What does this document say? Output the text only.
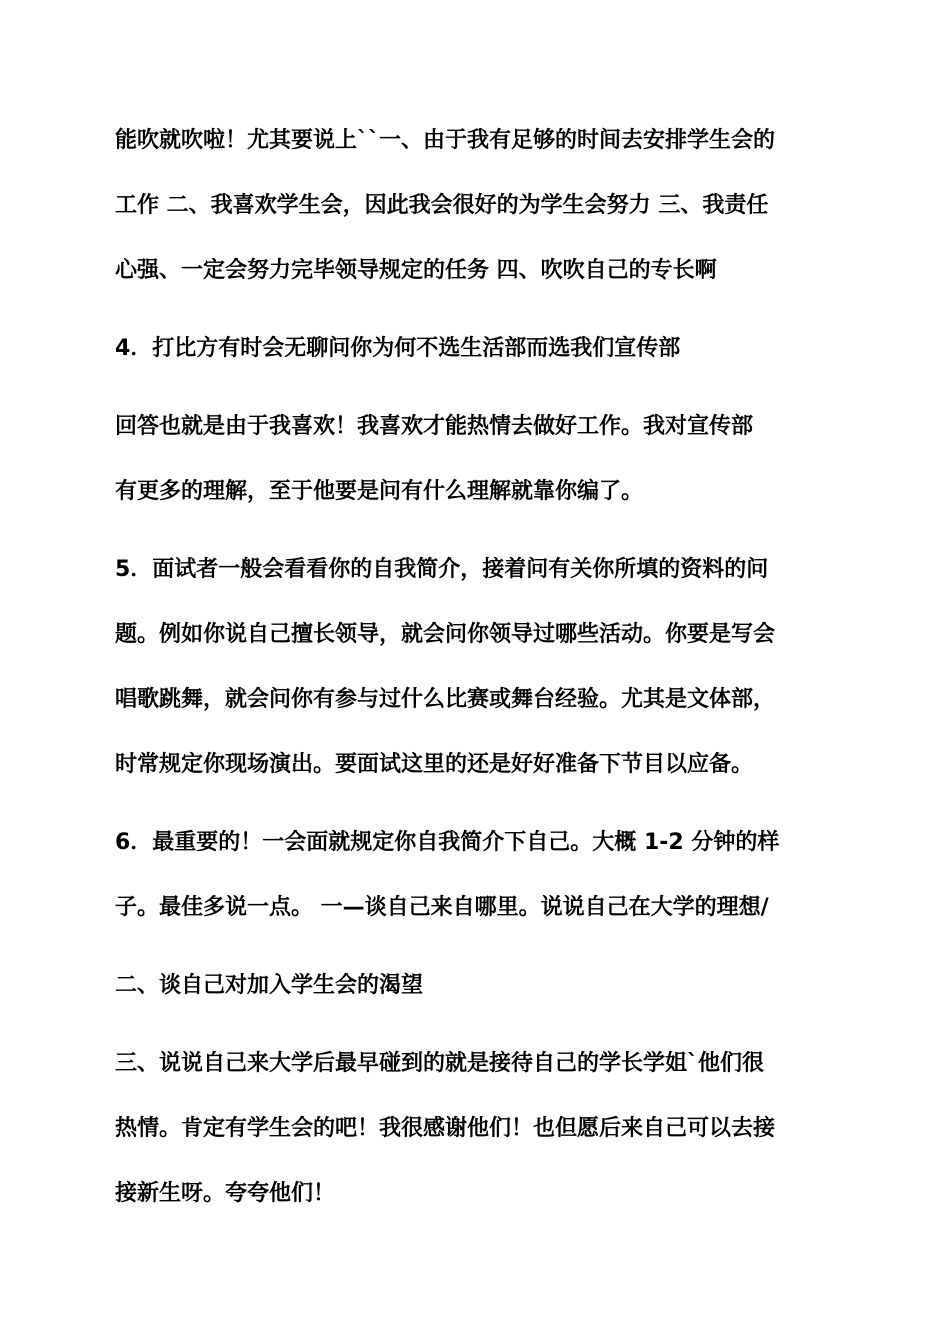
能吹就吹啦！尤其要说上``一、由于我有足够的时间去安排学生会的
工作 二、我喜欢学生会，因此我会很好的为学生会努力 三、我责任
心强、一定会努力完毕领导规定的任务 四、吹吹自己的专长啊
4．打比方有时会无聊问你为何不选生活部而选我们宣传部
回答也就是由于我喜欢！我喜欢才能热情去做好工作。我对宣传部
有更多的理解，至于他要是问有什么理解就靠你编了。
5．面试者一般会看看你的自我简介，接着问有关你所填的资料的问
题。例如你说自己擅长领导，就会问你领导过哪些活动。你要是写会
唱歌跳舞，就会问你有参与过什么比赛或舞台经验。尤其是文体部，
时常规定你现场演出。要面试这里的还是好好准备下节目以应备。
6．最重要的！一会面就规定你自我简介下自己。大概 1-2 分钟的样
子。最佳多说一点。 一—谈自己来自哪里。说说自己在大学的理想/
二、谈自己对加入学生会的渴望
三、说说自己来大学后最早碰到的就是接待自己的学长学姐`他们很
热情。肯定有学生会的吧！我很感谢他们！也但愿后来自己可以去接
接新生呀。夸夸他们！
